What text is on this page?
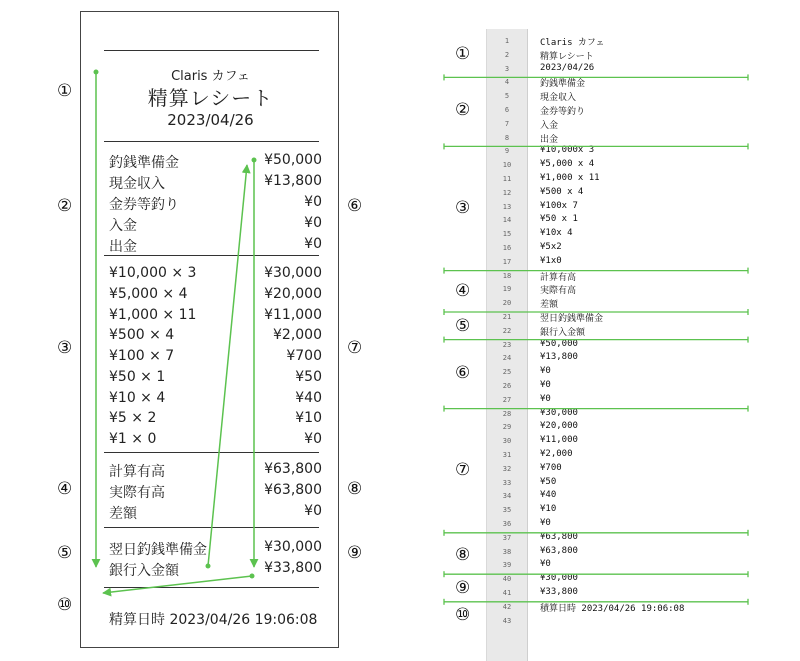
Claris カフェ
精算レシート
2023/04/26
釣銭準備金	¥50,000
現金収入	¥13,800
金券等釣り	¥0
入金	¥0
出金	¥0
¥10,000 × 3	¥30,000
¥5,000 × 4	¥20,000
¥1,000 × 11	¥11,000
¥500 × 4	¥2,000
¥100 × 7	¥700
¥50 × 1	¥50
¥10 × 4	¥40
¥5 × 2	¥10
¥1 × 0	¥0
計算有高	¥63,800
実際有高	¥63,800
差額	¥0
翌日釣銭準備金	¥30,000
銀行入金額	¥33,800
精算日時 2023/04/26 19:06:08
①
②
③
④
⑤
⑥
⑦
⑧
⑨
⑩
1	Claris カフェ
2	精算レシート
3	2023/04/26
4	釣銭準備金
5	現金収入
6	金券等釣り
7	入金
8	出金
9	¥10,000x 3
10	¥5,000 x 4
11	¥1,000 x 11
12	¥500 x 4
13	¥100x 7
14	¥50 x 1
15	¥10x 4
16	¥5x2
17	¥1x0
18	計算有高
19	実際有高
20	差額
21	翌日釣銭準備金
22	銀行入金額
23	¥50,000
24	¥13,800
25	¥0
26	¥0
27	¥0
28	¥30,000
29	¥20,000
30	¥11,000
31	¥2,000
32	¥700
33	¥50
34	¥40
35	¥10
36	¥0
37	¥63,800
38	¥63,800
39	¥0
40	¥30,000
41	¥33,800
42	積算日時 2023/04/26 19:06:08
43
①
②
③
④
⑤
⑥
⑦
⑧
⑨
⑩
